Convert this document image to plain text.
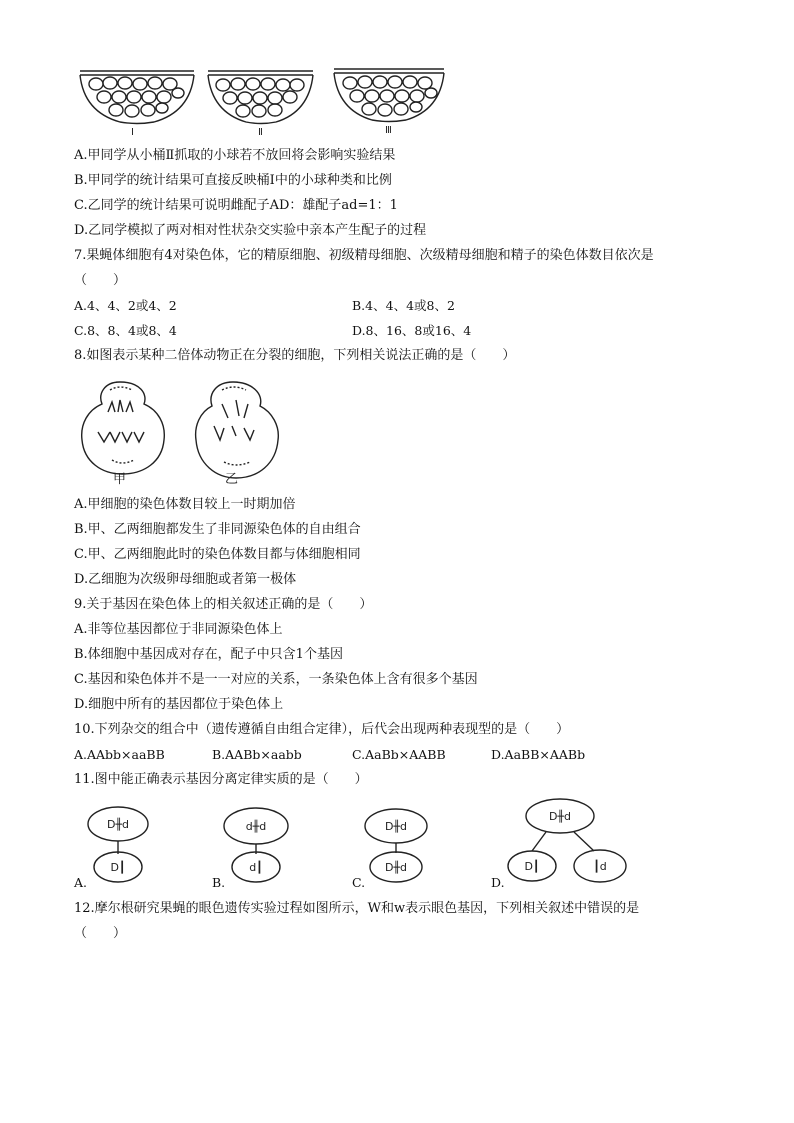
Ⅰ	Ⅱ	Ⅲ
A.甲同学从小桶Ⅱ抓取的小球若不放回将会影响实验结果
B.甲同学的统计结果可直接反映桶Ⅰ中的小球种类和比例
C.乙同学的统计结果可说明雌配子AD：雄配子ad=1：1
D.乙同学模拟了两对相对性状杂交实验中亲本产生配子的过程
7.果蝇体细胞有4对染色体，它的精原细胞、初级精母细胞、次级精母细胞和精子的染色体数目依次是
（　　）
A.4、4、2或4、2	B.4、4、4或8、2
C.8、8、4或8、4	D.8、16、8或16、4
8.如图表示某种二倍体动物正在分裂的细胞，下列相关说法正确的是（　　）
甲	乙
A.甲细胞的染色体数目较上一时期加倍
B.甲、乙两细胞都发生了非同源染色体的自由组合
C.甲、乙两细胞此时的染色体数目都与体细胞相同
D.乙细胞为次级卵母细胞或者第一极体
9.关于基因在染色体上的相关叙述正确的是（　　）
A.非等位基因都位于非同源染色体上
B.体细胞中基因成对存在，配子中只含1个基因
C.基因和染色体并不是一一对应的关系，一条染色体上含有很多个基因
D.细胞中所有的基因都位于染色体上
10.下列杂交的组合中（遗传遵循自由组合定律），后代会出现两种表现型的是（　　）
A.AAbb×aaBB	B.AABb×aabb	C.AaBb×AABB	D.AaBB×AABb
11.图中能正确表示基因分离定律实质的是（　　）
D╫d
D┃
d╫d
d┃
D╫d
D╫d
D╫d
D┃	┃d
A.	B.	C.	D.
12.摩尔根研究果蝇的眼色遗传实验过程如图所示，W和w表示眼色基因，下列相关叙述中错误的是
（　　）
